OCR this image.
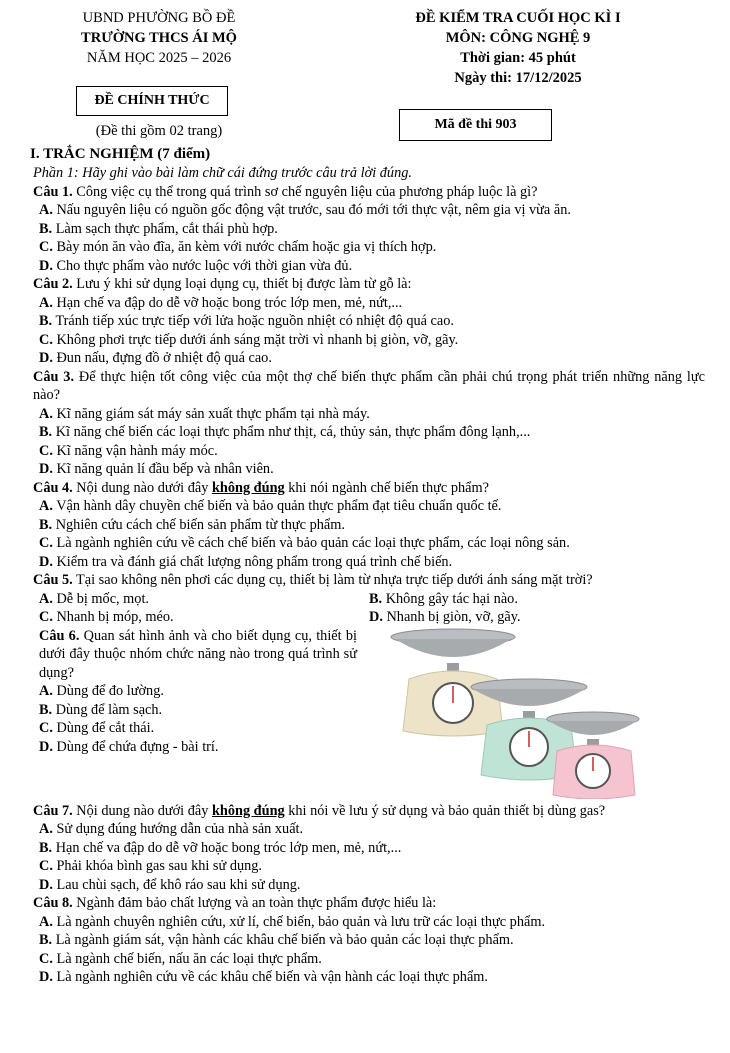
UBND PHƯỜNG BỒ ĐỀ
TRƯỜNG THCS ÁI MỘ
NĂM HỌC 2025 – 2026
ĐỀ CHÍNH THỨC
(Đề thi gồm 02 trang)
ĐỀ KIỂM TRA CUỐI HỌC KÌ I
MÔN: CÔNG NGHỆ 9
Thời gian: 45 phút
Ngày thi: 17/12/2025
Mã đề thi 903
I. TRẮC NGHIỆM (7 điểm)
Phần 1: Hãy ghi vào bài làm chữ cái đứng trước câu trả lời đúng.
Câu 1. Công việc cụ thể trong quá trình sơ chế nguyên liệu của phương pháp luộc là gì?
A. Nấu nguyên liệu có nguồn gốc động vật trước, sau đó mới tới thực vật, nêm gia vị vừa ăn.
B. Làm sạch thực phẩm, cắt thái phù hợp.
C. Bày món ăn vào đĩa, ăn kèm với nước chấm hoặc gia vị thích hợp.
D. Cho thực phẩm vào nước luộc với thời gian vừa đủ.
Câu 2. Lưu ý khi sử dụng loại dụng cụ, thiết bị được làm từ gỗ là:
A. Hạn chế va đập do dễ vỡ hoặc bong tróc lớp men, mẻ, nứt,...
B. Tránh tiếp xúc trực tiếp với lửa hoặc nguồn nhiệt có nhiệt độ quá cao.
C. Không phơi trực tiếp dưới ánh sáng mặt trời vì nhanh bị giòn, vỡ, gãy.
D. Đun nấu, đựng đồ ở nhiệt độ quá cao.
Câu 3. Để thực hiện tốt công việc của một thợ chế biến thực phẩm cần phải chú trọng phát triển những năng lực nào?
A. Kĩ năng giám sát máy sản xuất thực phẩm tại nhà máy.
B. Kĩ năng chế biến các loại thực phẩm như thịt, cá, thủy sản, thực phẩm đông lạnh,...
C. Kĩ năng vận hành máy móc.
D. Kĩ năng quản lí đầu bếp và nhân viên.
Câu 4. Nội dung nào dưới đây không đúng khi nói ngành chế biến thực phẩm?
A. Vận hành dây chuyền chế biến và bảo quản thực phẩm đạt tiêu chuẩn quốc tế.
B. Nghiên cứu cách chế biến sản phẩm từ thực phẩm.
C. Là ngành nghiên cứu về cách chế biến và bảo quản các loại thực phẩm, các loại nông sản.
D. Kiểm tra và đánh giá chất lượng nông phẩm trong quá trình chế biến.
Câu 5. Tại sao không nên phơi các dụng cụ, thiết bị làm từ nhựa trực tiếp dưới ánh sáng mặt trời?
A. Dễ bị mốc, mọt.	B. Không gây tác hại nào.
C. Nhanh bị móp, méo.	D. Nhanh bị giòn, vỡ, gãy.
Câu 6. Quan sát hình ảnh và cho biết dụng cụ, thiết bị dưới đây thuộc nhóm chức năng nào trong quá trình sử dụng?
A. Dùng để đo lường.
B. Dùng để làm sạch.
C. Dùng để cắt thái.
D. Dùng để chứa đựng - bài trí.
Câu 7. Nội dung nào dưới đây không đúng khi nói về lưu ý sử dụng và bảo quản thiết bị dùng gas?
A. Sử dụng đúng hướng dẫn của nhà sản xuất.
B. Hạn chế va đập do dễ vỡ hoặc bong tróc lớp men, mẻ, nứt,...
C. Phải khóa bình gas sau khi sử dụng.
D. Lau chùi sạch, để khô ráo sau khi sử dụng.
Câu 8. Ngành đảm bảo chất lượng và an toàn thực phẩm được hiểu là:
A. Là ngành chuyên nghiên cứu, xử lí, chế biến, bảo quản và lưu trữ các loại thực phẩm.
B. Là ngành giám sát, vận hành các khâu chế biến và bảo quản các loại thực phẩm.
C. Là ngành chế biến, nấu ăn các loại thực phẩm.
D. Là ngành nghiên cứu về các khâu chế biến và vận hành các loại thực phẩm.
